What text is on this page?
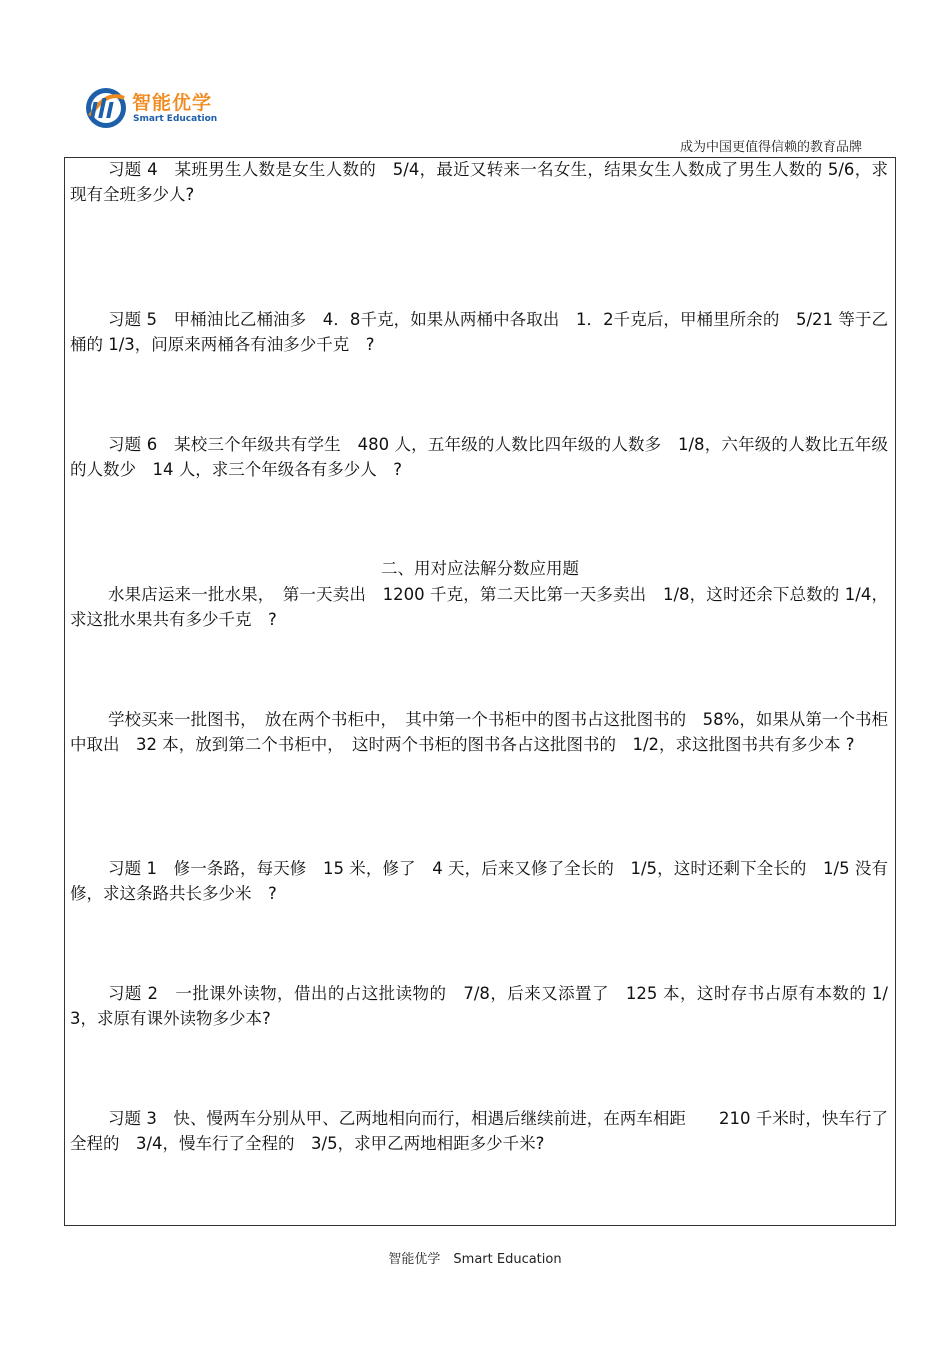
智能优学
Smart Education
成为中国更值得信赖的教育品牌

习题 4　某班男生人数是女生人数的　5/4，最近又转来一名女生，结果女生人数成了男生人数的 5/6，求现有全班多少人?

习题 5　甲桶油比乙桶油多　4．8千克，如果从两桶中各取出　1．2千克后，甲桶里所余的　5/21 等于乙桶的 1/3，问原来两桶各有油多少千克　?

习题 6　某校三个年级共有学生　480 人，五年级的人数比四年级的人数多　1/8，六年级的人数比五年级的人数少　14 人，求三个年级各有多少人　?

二、用对应法解分数应用题

水果店运来一批水果，　第一天卖出　1200 千克，第二天比第一天多卖出　1/8，这时还余下总数的 1/4，求这批水果共有多少千克　?

学校买来一批图书，　放在两个书柜中，　其中第一个书柜中的图书占这批图书的　58%，如果从第一个书柜中取出　32 本，放到第二个书柜中，　这时两个书柜的图书各占这批图书的　1/2，求这批图书共有多少本 ?

习题 1　修一条路，每天修　15 米，修了　4 天，后来又修了全长的　1/5，这时还剩下全长的　1/5 没有修，求这条路共长多少米　?

习题 2　一批课外读物，借出的占这批读物的　7/8，后来又添置了　125 本，这时存书占原有本数的 1/3，求原有课外读物多少本?

习题 3　快、慢两车分别从甲、乙两地相向而行，相遇后继续前进，在两车相距　　210 千米时，快车行了全程的　3/4，慢车行了全程的　3/5，求甲乙两地相距多少千米?

智能优学　Smart Education
